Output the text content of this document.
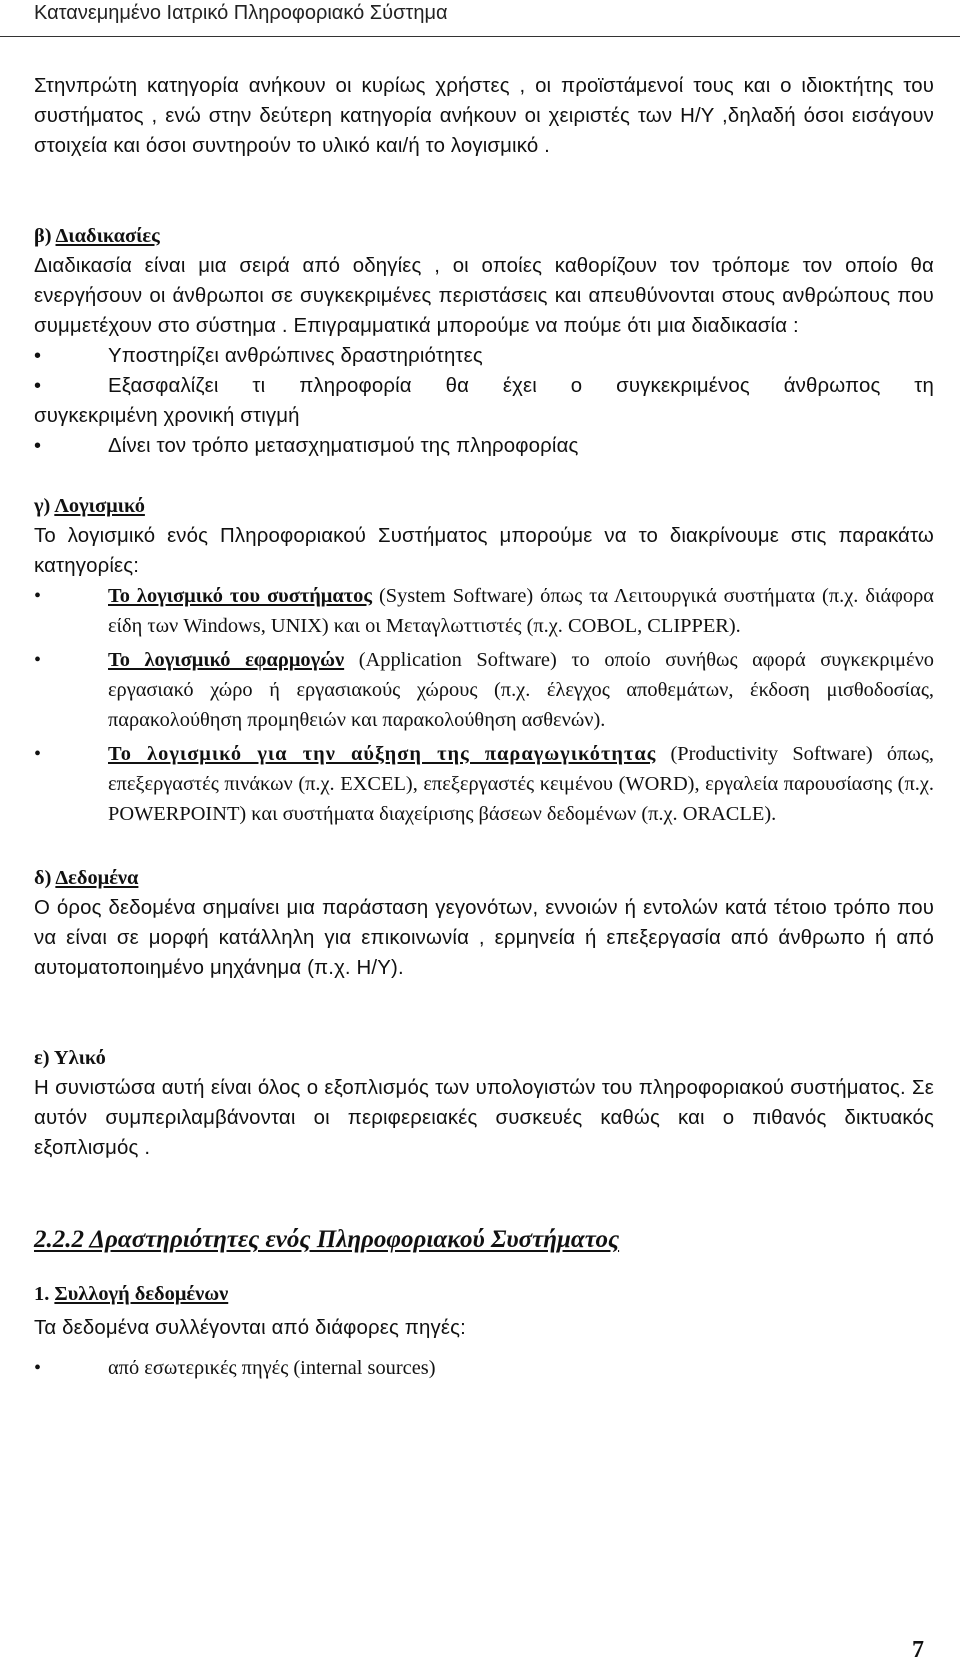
Κατανεμημένο Ιατρικό Πληροφοριακό Σύστημα

Στηνπρώτη κατηγορία ανήκουν οι κυρίως χρήστες , οι προϊστάμενοί τους και ο ιδιοκτήτης του συστήματος , ενώ στην δεύτερη κατηγορία ανήκουν οι χειριστές των Η/Υ ,δηλαδή όσοι εισάγουν στοιχεία και όσοι συντηρούν το υλικό και/ή το λογισμικό .

β) Διαδικασίες

Διαδικασία είναι μια σειρά από οδηγίες , οι οποίες καθορίζουν τον τρόπομε τον οποίο θα ενεργήσουν οι άνθρωποι σε συγκεκριμένες περιστάσεις και απευθύνονται στους ανθρώπους που συμμετέχουν στο σύστημα . Επιγραμματικά μπορούμε να πούμε ότι μια διαδικασία :

•	Υποστηρίζει ανθρώπινες δραστηριότητες
•	Εξασφαλίζει τι πληροφορία θα έχει ο συγκεκριμένος άνθρωπος τη
συγκεκριμένη χρονική στιγμή
•	Δίνει τον τρόπο μετασχηματισμού της πληροφορίας

γ) Λογισμικό

Το λογισμικό ενός Πληροφοριακού Συστήματος μπορούμε να το διακρίνουμε στις παρακάτω κατηγορίες:

•	Το λογισμικό του συστήματος (System Software) όπως τα Λειτουργικά συστήματα (π.χ. διάφορα είδη των Windows, UNIX) και οι Μεταγλωττιστές (π.χ. COBOL, CLIPPER).
•	Το λογισμικό εφαρμογών (Application Software) το οποίο συνήθως αφορά συγκεκριμένο εργασιακό χώρο ή εργασιακούς χώρους (π.χ. έλεγχος αποθεμάτων, έκδοση μισθοδοσίας, παρακολούθηση προμηθειών και παρακολούθηση ασθενών).
•	Το λογισμικό για την αύξηση της παραγωγικότητας (Productivity Software) όπως, επεξεργαστές πινάκων (π.χ. EXCEL), επεξεργαστές κειμένου (WORD), εργαλεία παρουσίασης (π.χ. POWERPOINT) και συστήματα διαχείρισης βάσεων δεδομένων (π.χ. ORACLE).

δ) Δεδομένα

Ο όρος δεδομένα σημαίνει μια παράσταση γεγονότων, εννοιών ή εντολών κατά τέτοιο τρόπο που να είναι σε μορφή κατάλληλη για επικοινωνία , ερμηνεία ή επεξεργασία από άνθρωπο ή από αυτοματοποιημένο μηχάνημα (π.χ. Η/Υ).

ε) Υλικό

Η συνιστώσα αυτή είναι όλος ο εξοπλισμός των υπολογιστών του πληροφοριακού συστήματος. Σε αυτόν συμπεριλαμβάνονται οι περιφερειακές συσκευές καθώς και ο πιθανός δικτυακός εξοπλισμός .

2.2.2 Δραστηριότητες ενός Πληροφοριακού Συστήματος

1. Συλλογή δεδομένων

Τα δεδομένα συλλέγονται από διάφορες πηγές:

•	από εσωτερικές πηγές (internal sources)
7
